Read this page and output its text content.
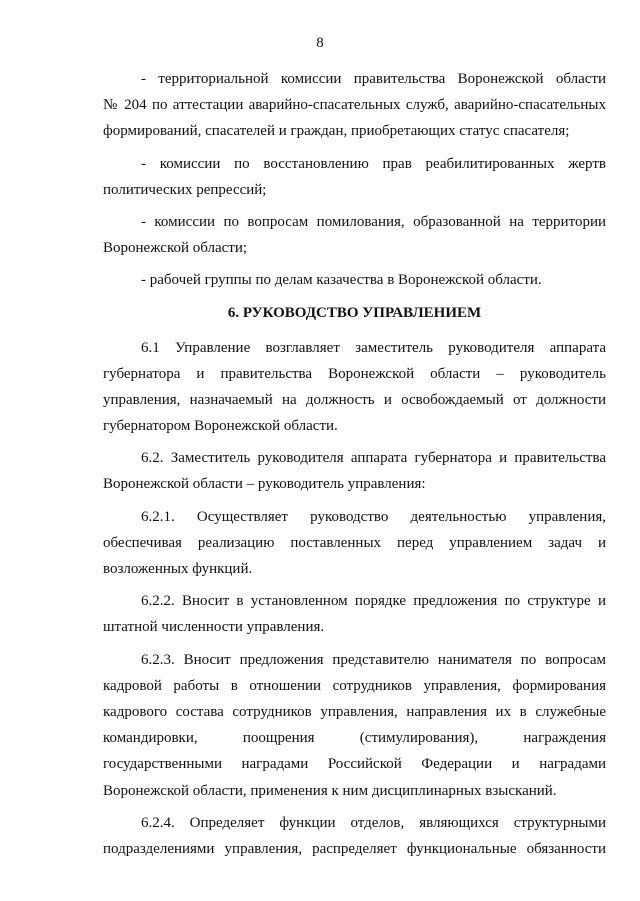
8
- территориальной комиссии правительства Воронежской области
№ 204 по аттестации аварийно-спасательных служб, аварийно-спасательных
формирований, спасателей и граждан, приобретающих статус спасателя;
- комиссии по восстановлению прав реабилитированных жертв
политических репрессий;
- комиссии по вопросам помилования, образованной на территории
Воронежской области;
- рабочей группы по делам казачества в Воронежской области.
6. РУКОВОДСТВО УПРАВЛЕНИЕМ
6.1 Управление возглавляет заместитель руководителя аппарата
губернатора и правительства Воронежской области – руководитель
управления, назначаемый на должность и освобождаемый от должности
губернатором Воронежской области.
6.2. Заместитель руководителя аппарата губернатора и правительства
Воронежской области – руководитель управления:
6.2.1. Осуществляет руководство деятельностью управления,
обеспечивая реализацию поставленных перед управлением задач и
возложенных функций.
6.2.2. Вносит в установленном порядке предложения по структуре и
штатной численности управления.
6.2.3. Вносит предложения представителю нанимателя по вопросам
кадровой работы в отношении сотрудников управления, формирования
кадрового состава сотрудников управления, направления их в служебные
командировки, поощрения (стимулирования), награждения
государственными наградами Российской Федерации и наградами
Воронежской области, применения к ним дисциплинарных взысканий.
6.2.4. Определяет функции отделов, являющихся структурными
подразделениями управления, распределяет функциональные обязанности
